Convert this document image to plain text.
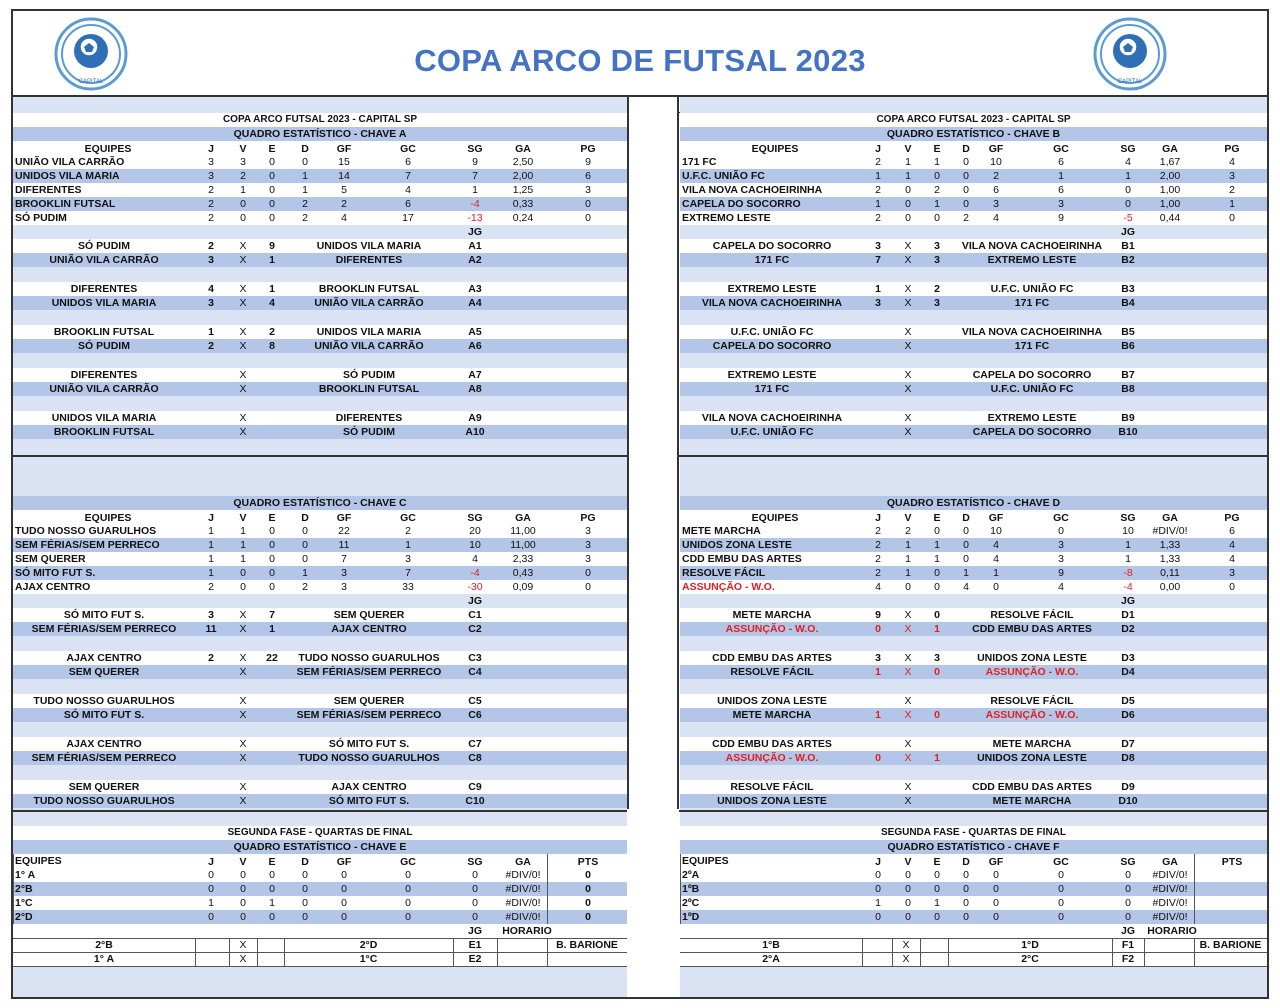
COPA ARCO DE FUTSAL 2023
CAPITAL	CAPITAL
COPA ARCO FUTSAL 2023 - CAPITAL SP
QUADRO ESTATÍSTICO - CHAVE A
EQUIPES	J	V	E	D	GF	GC	SG	GA	PG
UNIÃO VILA CARRÃO	3	3	0	0	15	6	9	2,50	9
UNIDOS VILA MARIA	3	2	0	1	14	7	7	2,00	6
DIFERENTES	2	1	0	1	5	4	1	1,25	3
BROOKLIN FUTSAL	2	0	0	2	2	6	-4	0,33	0
SÓ PUDIM	2	0	0	2	4	17	-13	0,24	0
JG
SÓ PUDIM	2	X	9	UNIDOS VILA MARIA	A1
UNIÃO VILA CARRÃO	3	X	1	DIFERENTES	A2
DIFERENTES	4	X	1	BROOKLIN FUTSAL	A3
UNIDOS VILA MARIA	3	X	4	UNIÃO VILA CARRÃO	A4
BROOKLIN FUTSAL	1	X	2	UNIDOS VILA MARIA	A5
SÓ PUDIM	2	X	8	UNIÃO VILA CARRÃO	A6
DIFERENTES	X	SÓ PUDIM	A7
UNIÃO VILA CARRÃO	X	BROOKLIN FUTSAL	A8
UNIDOS VILA MARIA	X	DIFERENTES	A9
BROOKLIN FUTSAL	X	SÓ PUDIM	A10
COPA ARCO FUTSAL 2023 - CAPITAL SP
QUADRO ESTATÍSTICO - CHAVE B
EQUIPES	J	V	E	D	GF	GC	SG	GA	PG
171 FC	2	1	1	0	10	6	4	1,67	4
U.F.C. UNIÃO FC	1	1	0	0	2	1	1	2,00	3
VILA NOVA CACHOEIRINHA	2	0	2	0	6	6	0	1,00	2
CAPELA DO SOCORRO	1	0	1	0	3	3	0	1,00	1
EXTREMO LESTE	2	0	0	2	4	9	-5	0,44	0
JG
CAPELA DO SOCORRO	3	X	3	VILA NOVA CACHOEIRINHA	B1
171 FC	7	X	3	EXTREMO LESTE	B2
EXTREMO LESTE	1	X	2	U.F.C. UNIÃO FC	B3
VILA NOVA CACHOEIRINHA	3	X	3	171 FC	B4
U.F.C. UNIÃO FC	X	VILA NOVA CACHOEIRINHA	B5
CAPELA DO SOCORRO	X	171 FC	B6
EXTREMO LESTE	X	CAPELA DO SOCORRO	B7
171 FC	X	U.F.C. UNIÃO FC	B8
VILA NOVA CACHOEIRINHA	X	EXTREMO LESTE	B9
U.F.C. UNIÃO FC	X	CAPELA DO SOCORRO	B10
QUADRO ESTATÍSTICO - CHAVE C
EQUIPES	J	V	E	D	GF	GC	SG	GA	PG
TUDO NOSSO GUARULHOS	1	1	0	0	22	2	20	11,00	3
SEM FÉRIAS/SEM PERRECO	1	1	0	0	11	1	10	11,00	3
SEM QUERER	1	1	0	0	7	3	4	2,33	3
SÓ MITO FUT S.	1	0	0	1	3	7	-4	0,43	0
AJAX CENTRO	2	0	0	2	3	33	-30	0,09	0
JG
SÓ MITO FUT S.	3	X	7	SEM QUERER	C1
SEM FÉRIAS/SEM PERRECO	11	X	1	AJAX CENTRO	C2
AJAX CENTRO	2	X	22	TUDO NOSSO GUARULHOS	C3
SEM QUERER	X	SEM FÉRIAS/SEM PERRECO	C4
TUDO NOSSO GUARULHOS	X	SEM QUERER	C5
SÓ MITO FUT S.	X	SEM FÉRIAS/SEM PERRECO	C6
AJAX CENTRO	X	SÓ MITO FUT S.	C7
SEM FÉRIAS/SEM PERRECO	X	TUDO NOSSO GUARULHOS	C8
SEM QUERER	X	AJAX CENTRO	C9
TUDO NOSSO GUARULHOS	X	SÓ MITO FUT S.	C10
QUADRO ESTATÍSTICO - CHAVE D
EQUIPES	J	V	E	D	GF	GC	SG	GA	PG
METE MARCHA	2	2	0	0	10	0	10	#DIV/0!	6
UNIDOS ZONA LESTE	2	1	1	0	4	3	1	1,33	4
CDD EMBU DAS ARTES	2	1	1	0	4	3	1	1,33	4
RESOLVE FÁCIL	2	1	0	1	1	9	-8	0,11	3
ASSUNÇÃO - W.O.	4	0	0	4	0	4	-4	0,00	0
JG
METE MARCHA	9	X	0	RESOLVE FÁCIL	D1
ASSUNÇÃO - W.O.	0	X	1	CDD EMBU DAS ARTES	D2
CDD EMBU DAS ARTES	3	X	3	UNIDOS ZONA LESTE	D3
RESOLVE FÁCIL	1	X	0	ASSUNÇÃO - W.O.	D4
UNIDOS ZONA LESTE	X	RESOLVE FÁCIL	D5
METE MARCHA	1	X	0	ASSUNÇÃO - W.O.	D6
CDD EMBU DAS ARTES	X	METE MARCHA	D7
ASSUNÇÃO - W.O.	0	X	1	UNIDOS ZONA LESTE	D8
RESOLVE FÁCIL	X	CDD EMBU DAS ARTES	D9
UNIDOS ZONA LESTE	X	METE MARCHA	D10
SEGUNDA FASE - QUARTAS DE FINAL
QUADRO ESTATÍSTICO - CHAVE E
EQUIPES	J	V	E	D	GF	GC	SG	GA	PTS
1° A	0	0	0	0	0	0	0	#DIV/0!	0
2°B	0	0	0	0	0	0	0	#DIV/0!	0
1°C	1	0	1	0	0	0	0	#DIV/0!	0
2°D	0	0	0	0	0	0	0	#DIV/0!	0
JG	HORARIO
2°B	X	2°D	E1	B. BARIONE
1° A	X	1°C	E2
SEGUNDA FASE - QUARTAS DE FINAL
QUADRO ESTATÍSTICO - CHAVE F
EQUIPES	J	V	E	D	GF	GC	SG	GA	PTS
2ºA	0	0	0	0	0	0	0	#DIV/0!
1ºB	0	0	0	0	0	0	0	#DIV/0!
2ºC	1	0	1	0	0	0	0	#DIV/0!
1ºD	0	0	0	0	0	0	0	#DIV/0!
JG	HORARIO
1°B	X	1°D	F1	B. BARIONE
2°A	X	2°C	F2
